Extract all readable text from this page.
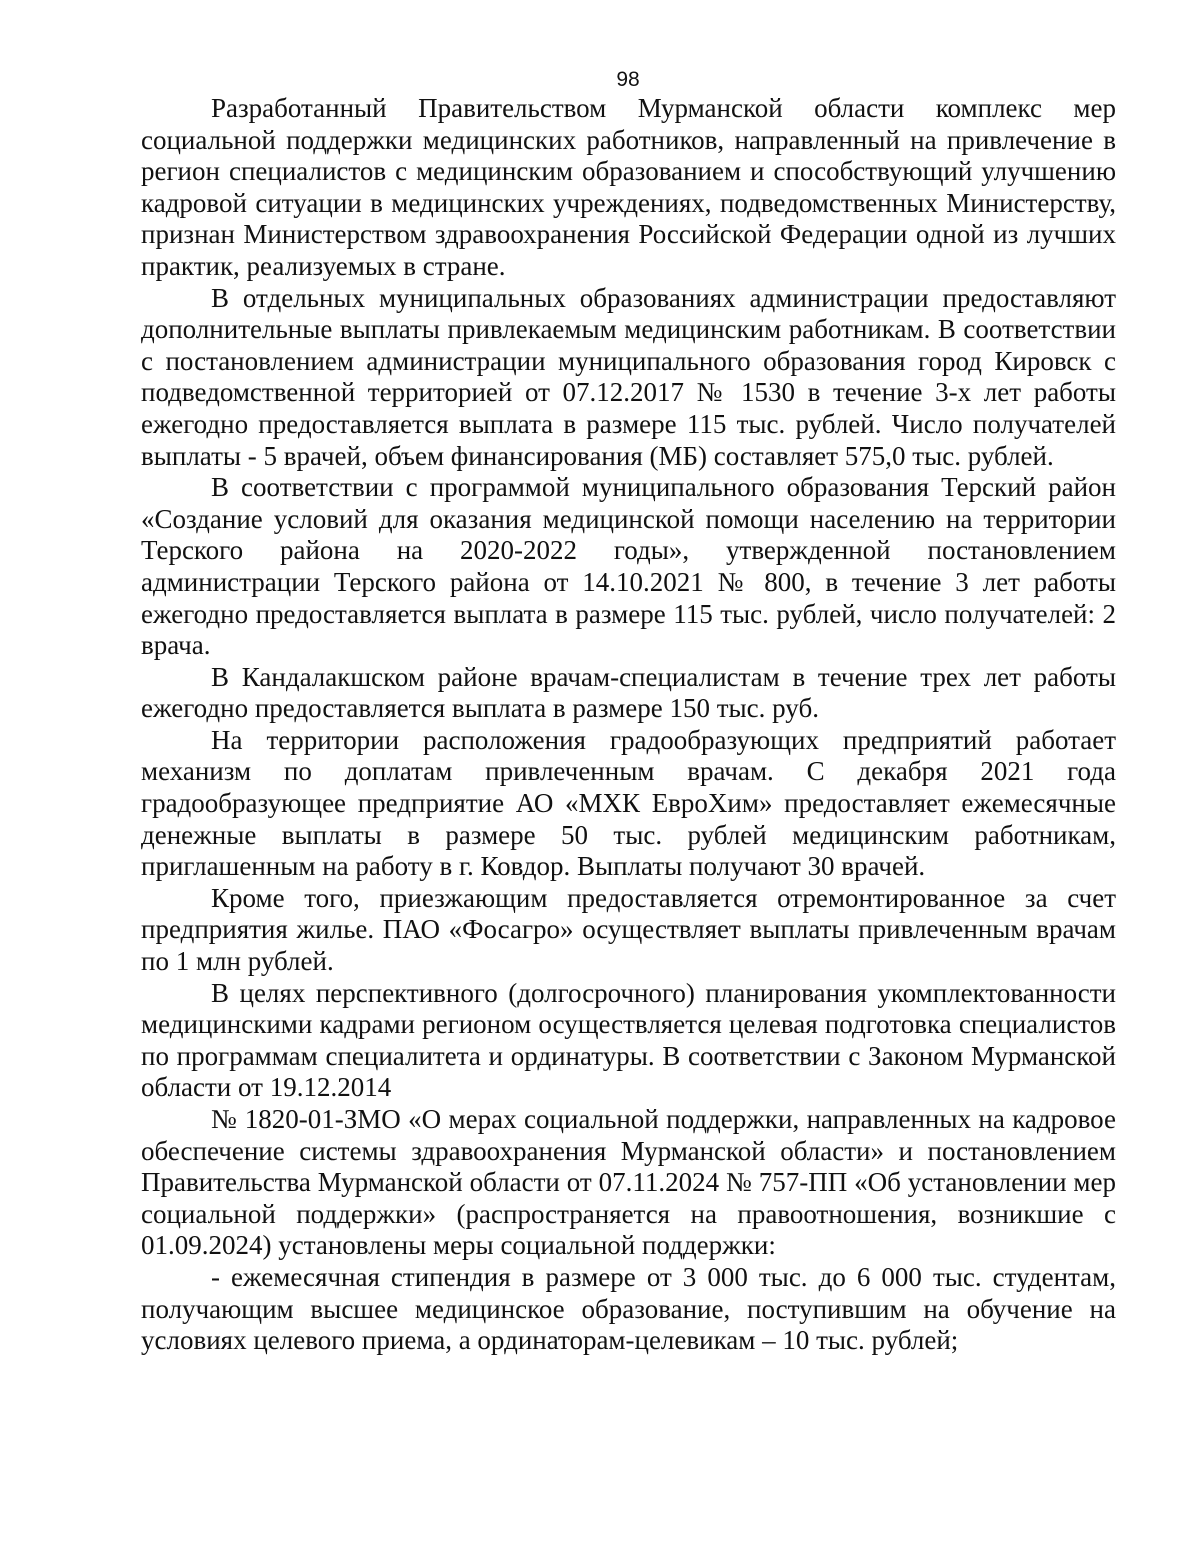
98

Разработанный Правительством Мурманской области комплекс мер социальной поддержки медицинских работников, направленный на привлечение в регион специалистов с медицинским образованием и способствующий улучшению кадровой ситуации в медицинских учреждениях, подведомственных Министерству, признан Министерством здравоохранения Российской Федерации одной из лучших практик, реализуемых в стране.

В отдельных муниципальных образованиях администрации предоставляют дополнительные выплаты привлекаемым медицинским работникам. В соответствии с постановлением администрации муниципального образования город Кировск с подведомственной территорией от 07.12.2017 № 1530 в течение 3-х лет работы ежегодно предоставляется выплата в размере 115 тыс. рублей. Число получателей выплаты - 5 врачей, объем финансирования (МБ) составляет 575,0 тыс. рублей.

В соответствии с программой муниципального образования Терский район «Создание условий для оказания медицинской помощи населению на территории Терского района на 2020-2022 годы», утвержденной постановлением администрации Терского района от 14.10.2021 № 800, в течение 3 лет работы ежегодно предоставляется выплата в размере 115 тыс. рублей, число получателей: 2 врача.

В Кандалакшском районе врачам-специалистам в течение трех лет работы ежегодно предоставляется выплата в размере 150 тыс. руб.

На территории расположения градообразующих предприятий работает механизм по доплатам привлеченным врачам. С декабря 2021 года градообразующее предприятие АО «МХК ЕвроХим» предоставляет ежемесячные денежные выплаты в размере 50 тыс. рублей медицинским работникам, приглашенным на работу в г. Ковдор. Выплаты получают 30 врачей.

Кроме того, приезжающим предоставляется отремонтированное за счет предприятия жилье. ПАО «Фосагро» осуществляет выплаты привлеченным врачам по 1 млн рублей.

В целях перспективного (долгосрочного) планирования укомплектованности медицинскими кадрами регионом осуществляется целевая подготовка специалистов по программам специалитета и ординатуры. В соответствии с Законом Мурманской области от 19.12.2014

№ 1820-01-ЗМО «О мерах социальной поддержки, направленных на кадровое обеспечение системы здравоохранения Мурманской области» и постановлением Правительства Мурманской области от 07.11.2024 № 757-ПП «Об установлении мер социальной поддержки» (распространяется на правоотношения, возникшие с 01.09.2024) установлены меры социальной поддержки:

- ежемесячная стипендия в размере от 3 000 тыс. до 6 000 тыс. студентам, получающим высшее медицинское образование, поступившим на обучение на условиях целевого приема, а ординаторам-целевикам – 10 тыс. рублей;
